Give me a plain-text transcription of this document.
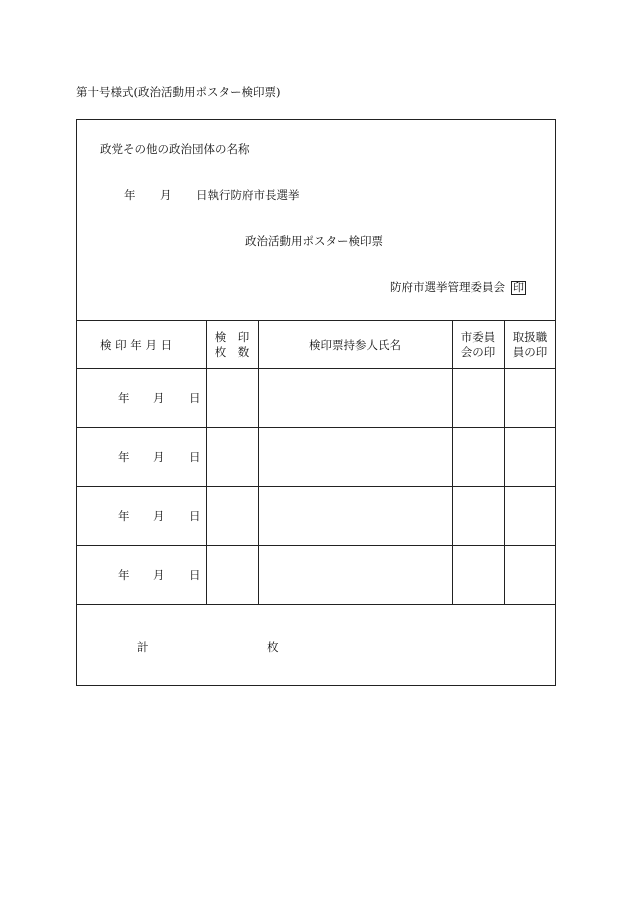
第十号様式(政治活動用ポスター検印票)
政党その他の政治団体の名称
年 月 日執行防府市長選挙
政治活動用ポスター検印票
防府市選挙管理委員会 印
検 印 年 月 日
検　印
枚　数	検印票持参人氏名
市委員
会の印
取扱職
員の印
年 月 日
年 月 日
年 月 日
年 月 日
計	枚
